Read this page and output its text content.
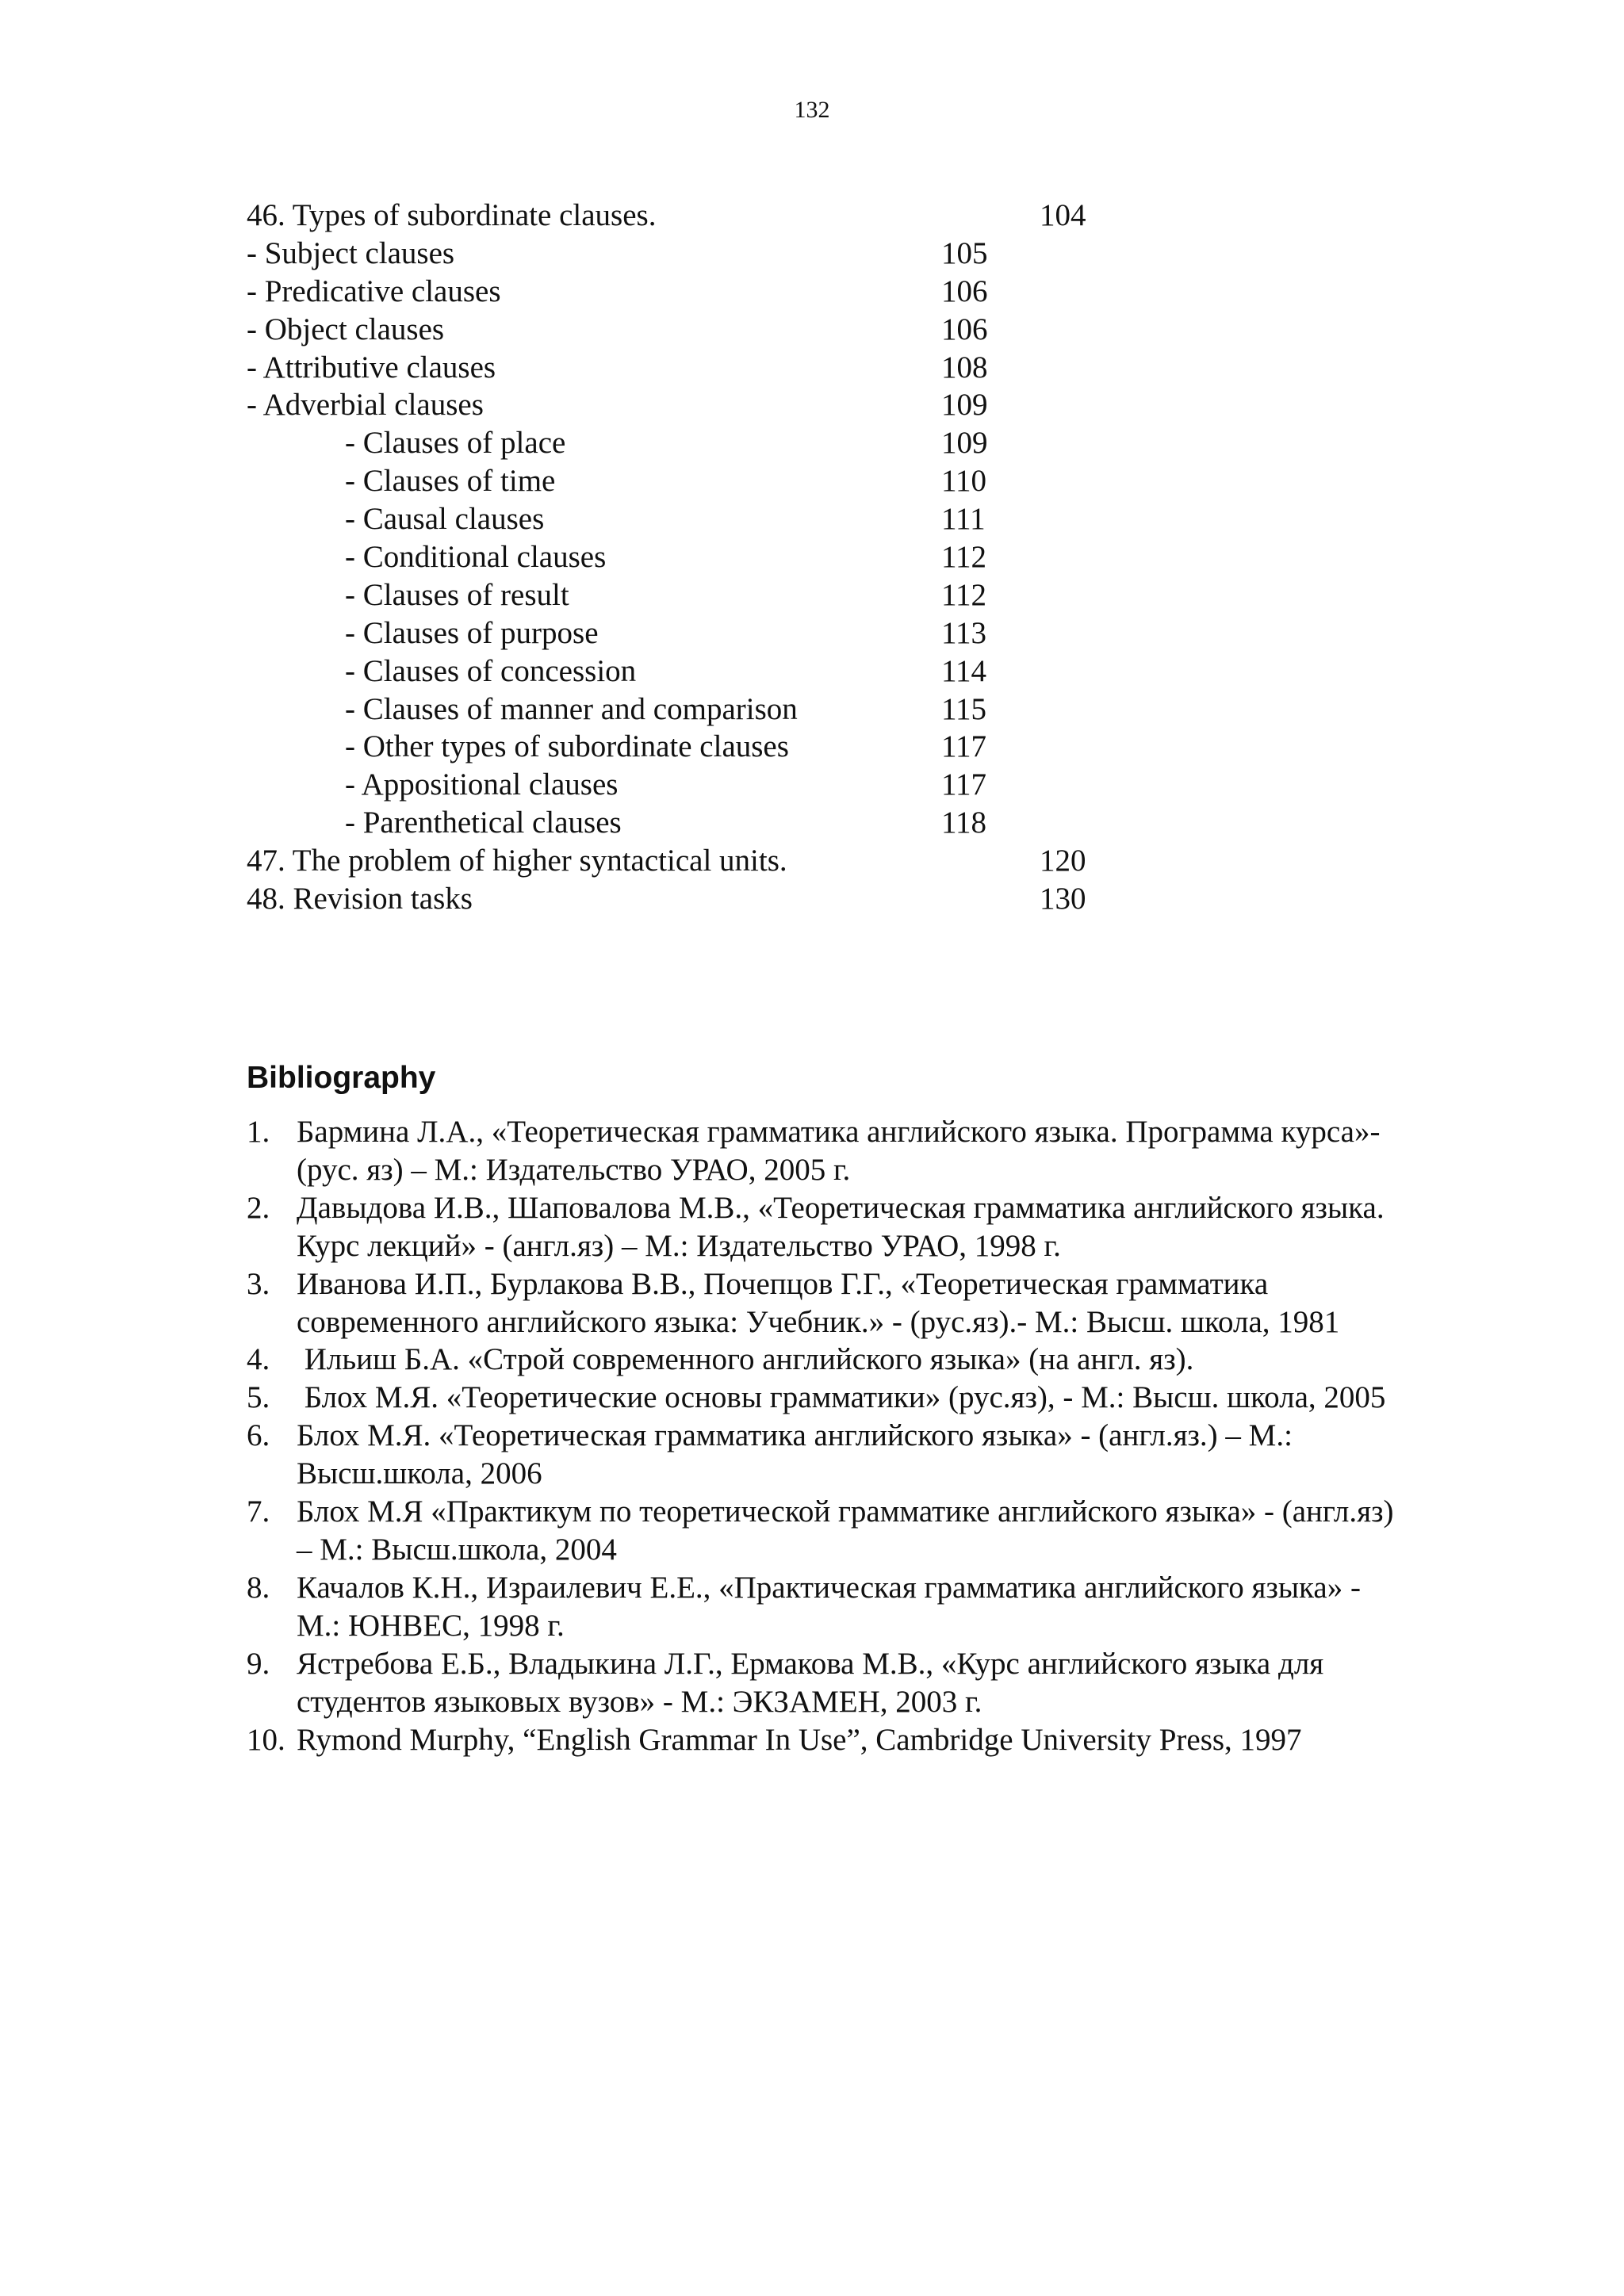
132
46. Types of subordinate clauses.	104
- Subject clauses	105
- Predicative clauses	106
- Object clauses	106
- Attributive clauses	108
- Adverbial clauses	109
- Clauses of place	109
- Clauses of time	110
- Causal clauses	111
- Conditional clauses	112
- Clauses of result	112
- Clauses of purpose	113
- Clauses of concession	114
- Clauses of manner and comparison	115
- Other types of subordinate clauses	117
- Appositional clauses	117
- Parenthetical clauses	118
47. The problem of higher syntactical units.	120
48. Revision tasks	130
Bibliography
1. Бармина Л.А., «Теоретическая грамматика английского языка. Программа курса»- (рус. яз) – М.: Издательство УРАО, 2005 г.
2. Давыдова И.В., Шаповалова М.В., «Теоретическая грамматика английского языка. Курс лекций» - (англ.яз) – М.: Издательство УРАО, 1998 г.
3. Иванова И.П., Бурлакова В.В., Почепцов Г.Г., «Теоретическая грамматика современного английского языка: Учебник.» - (рус.яз).- М.: Высш. школа, 1981
4. Ильиш Б.А. «Строй современного английского языка» (на англ. яз).
5. Блох М.Я. «Теоретические основы грамматики» (рус.яз), - М.: Высш. школа, 2005
6. Блох М.Я. «Теоретическая грамматика английского языка» - (англ.яз.) – М.: Высш.школа, 2006
7. Блох М.Я «Практикум по теоретической грамматике английского языка» - (англ.яз) – М.: Высш.школа, 2004
8. Качалов К.Н., Израилевич Е.Е., «Практическая грамматика английского языка» - М.: ЮНВЕС, 1998 г.
9. Ястребова Е.Б., Владыкина Л.Г., Ермакова М.В., «Курс английского языка для студентов языковых вузов» - М.: ЭКЗАМЕН, 2003 г.
10. Rymond Murphy, “English Grammar In Use”, Cambridge University Press, 1997
